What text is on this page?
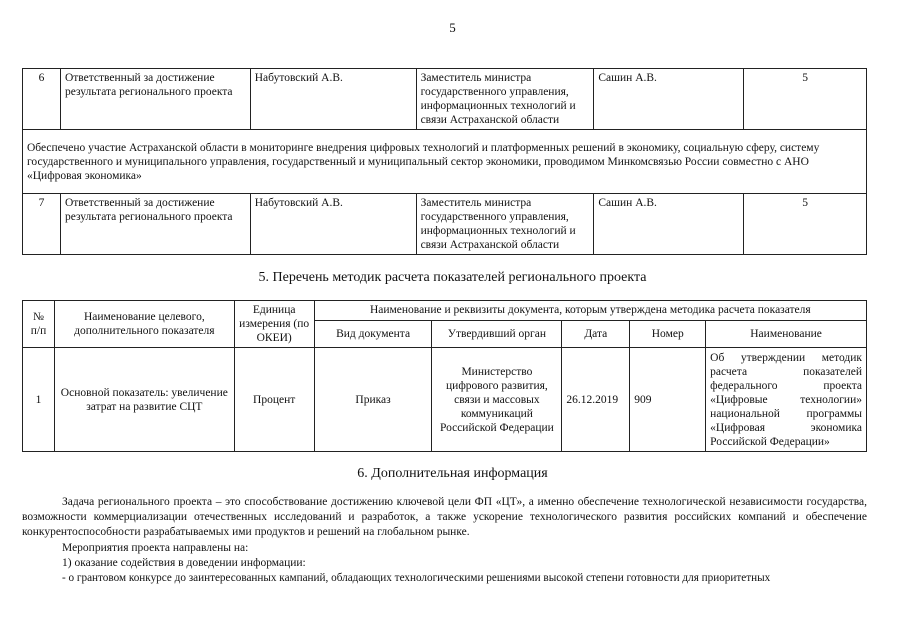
5
6	Ответственный за достижение результата регионального проекта	Набутовский А.В.	Заместитель министра государственного управления, информационных технологий и связи Астраханской области	Сашин А.В.	5
Обеспечено участие Астраханской области в мониторинге внедрения цифровых технологий и платформенных решений в экономику, социальную сферу, систему государственного и муниципального управления, государственный и муниципальный сектор экономики, проводимом Минкомсвязью России совместно с АНО «Цифровая экономика»					
7	Ответственный за достижение результата регионального проекта	Набутовский А.В.	Заместитель министра государственного управления, информационных технологий и связи Астраханской области	Сашин А.В.	5
5. Перечень методик расчета показателей регионального проекта
№ п/п	Наименование целевого, дополнительного показателя	Единица измерения (по ОКЕИ)	Наименование и реквизиты документа, которым утверждена методика расчета показателя				
			Вид документа	Утвердивший орган	Дата	Номер	Наименование
1	Основной показатель: увеличение затрат на развитие СЦТ	Процент	Приказ	Министерство цифрового развития, связи и массовых коммуникаций Российской Федерации	26.12.2019	909	Об утверждении методик расчета показателей федерального проекта «Цифровые технологии» национальной программы «Цифровая экономика Российской Федерации»
6. Дополнительная информация
Задача регионального проекта – это способствование достижению ключевой цели ФП «ЦТ», а именно обеспечение технологической независимости государства, возможности коммерциализации отечественных исследований и разработок, а также ускорение технологического развития российских компаний и обеспечение конкурентоспособности разрабатываемых ими продуктов и решений на глобальном рынке.
Мероприятия проекта направлены на:
1) оказание содействия в доведении информации:
- о грантовом конкурсе до заинтересованных кампаний, обладающих технологическими решениями высокой степени готовности для приоритетных
